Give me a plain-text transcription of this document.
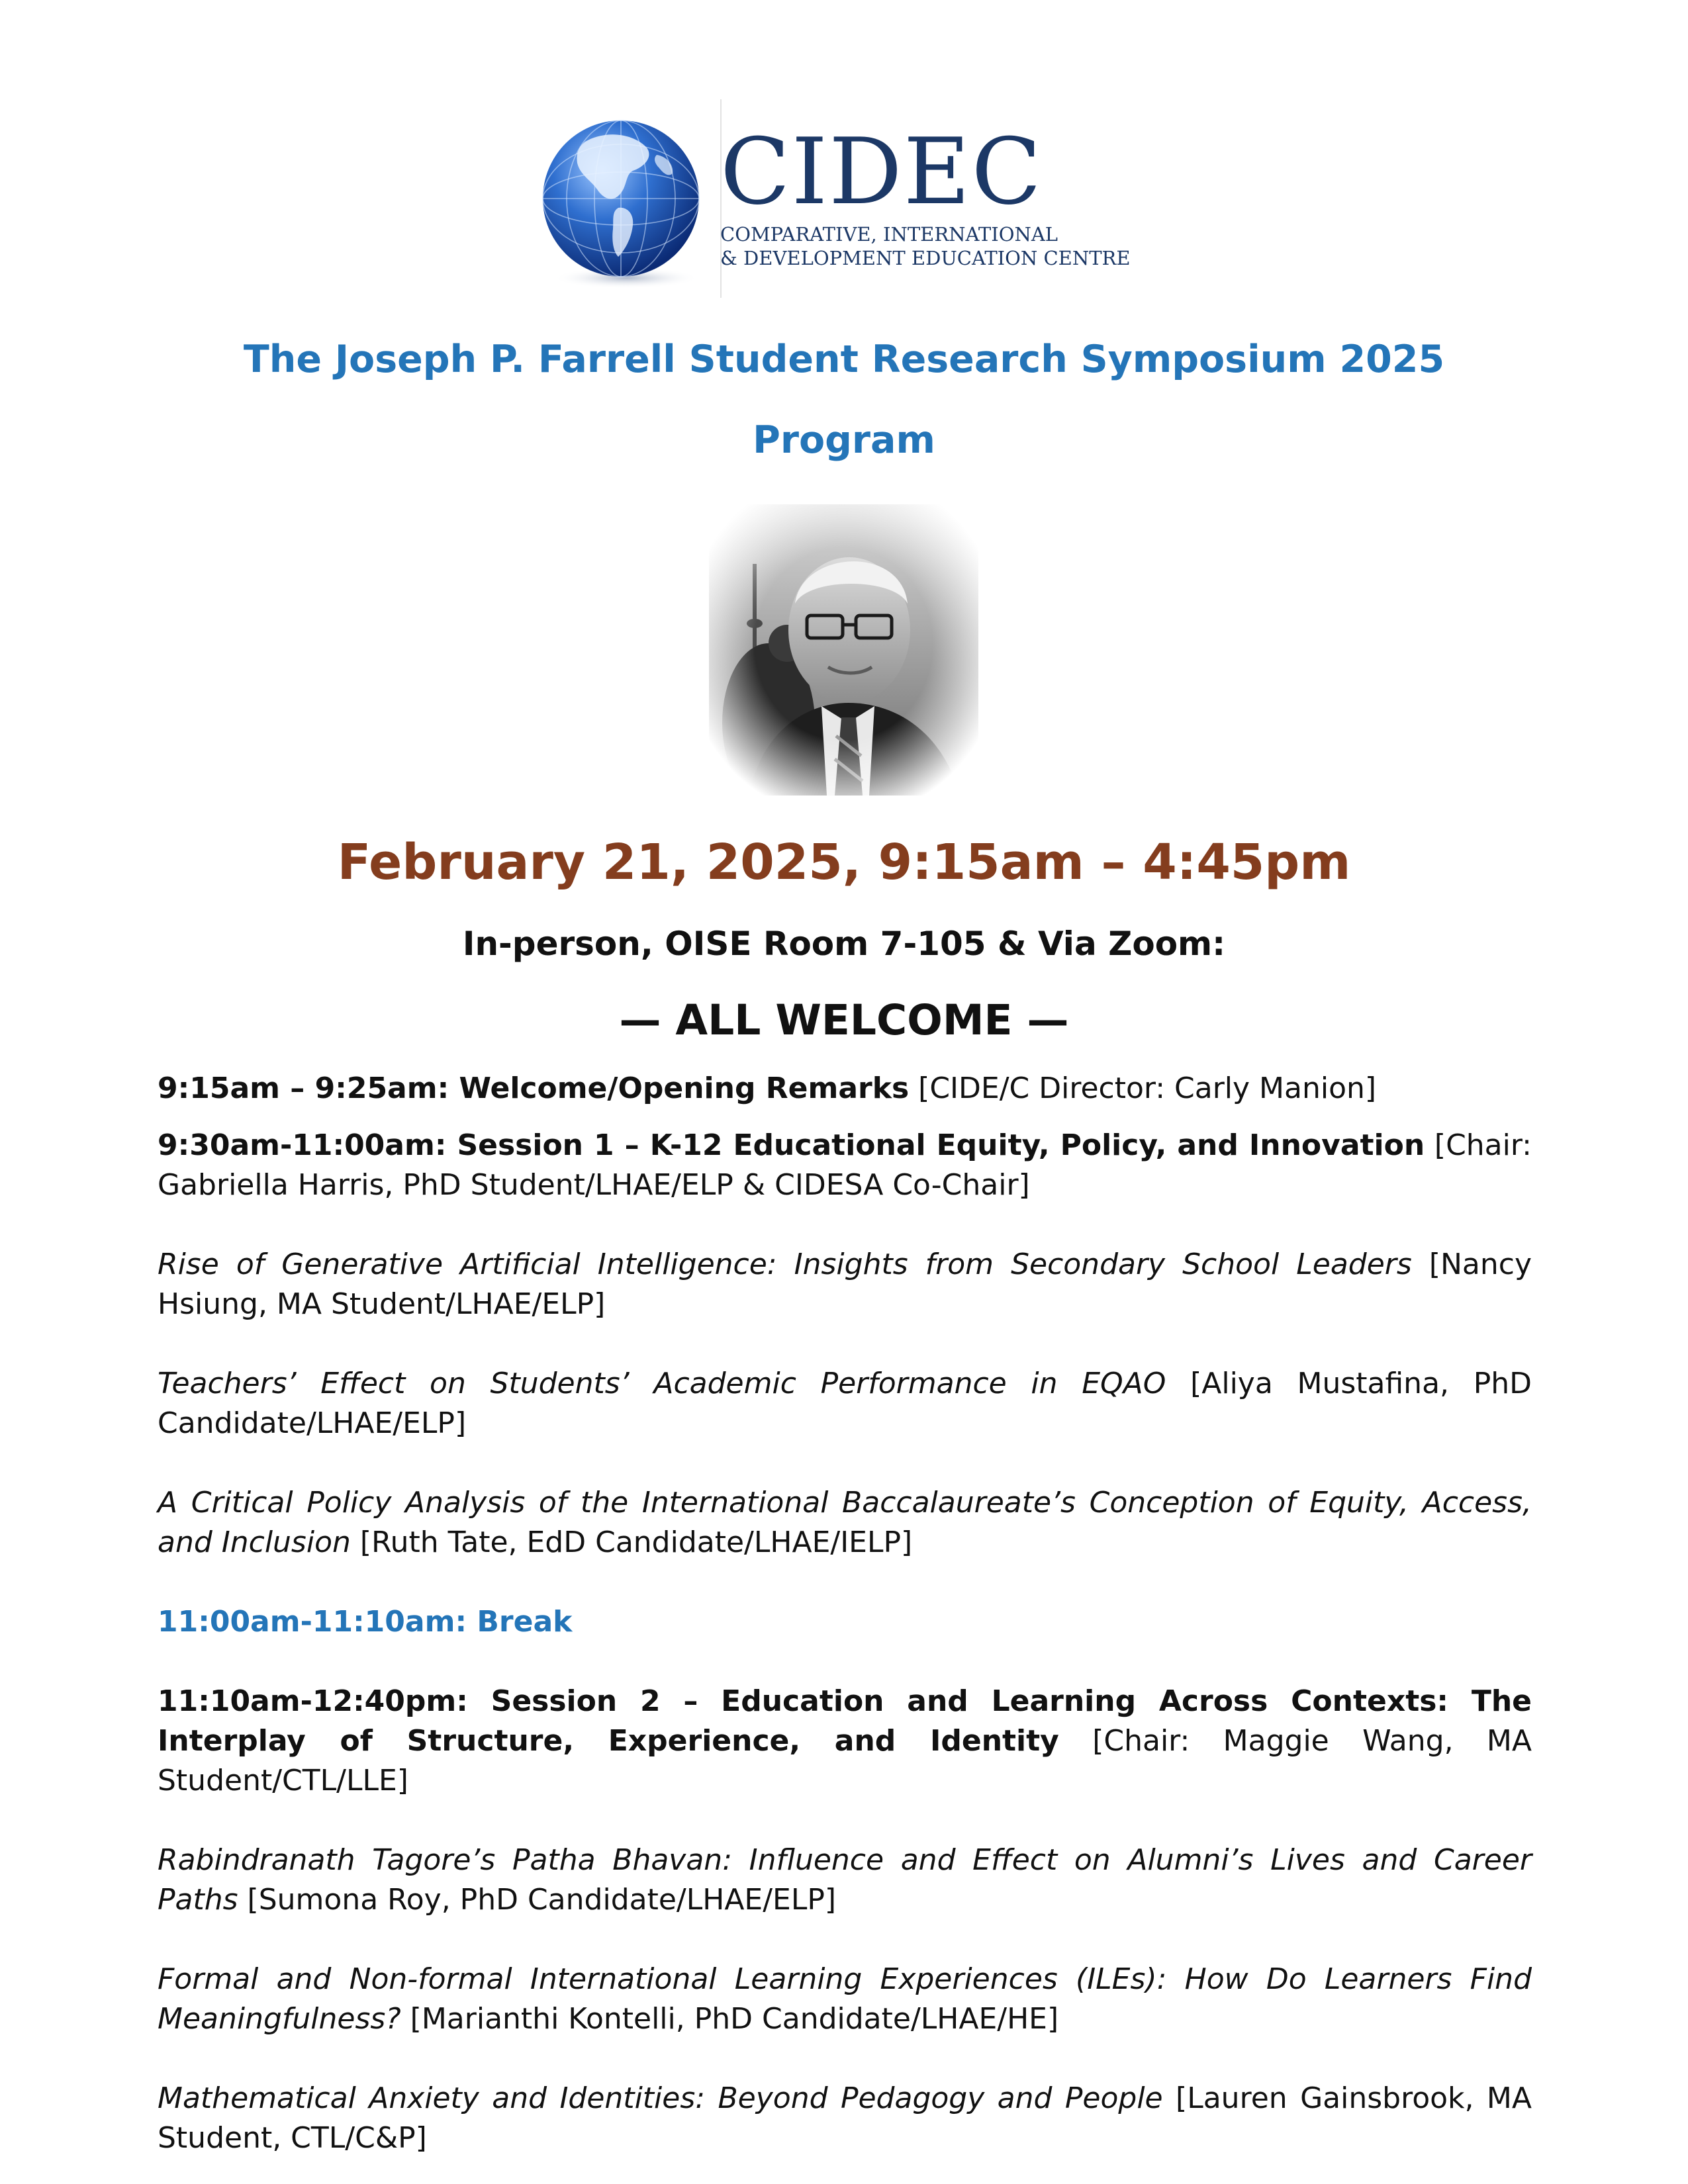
CIDEC
COMPARATIVE, INTERNATIONAL
& DEVELOPMENT EDUCATION CENTRE
The Joseph P. Farrell Student Research Symposium 2025
Program
February 21, 2025, 9:15am – 4:45pm
In-person, OISE Room 7-105 & Via Zoom:
— ALL WELCOME —

9:15am – 9:25am: Welcome/Opening Remarks [CIDE/C Director: Carly Manion]

9:30am-11:00am: Session 1 – K-12 Educational Equity, Policy, and Innovation [Chair: Gabriella Harris, PhD Student/LHAE/ELP & CIDESA Co-Chair]

Rise of Generative Artificial Intelligence: Insights from Secondary School Leaders [Nancy Hsiung, MA Student/LHAE/ELP]

Teachers’ Effect on Students’ Academic Performance in EQAO [Aliya Mustafina, PhD Candidate/LHAE/ELP]

A Critical Policy Analysis of the International Baccalaureate’s Conception of Equity, Access, and Inclusion [Ruth Tate, EdD Candidate/LHAE/IELP]

11:00am-11:10am: Break

11:10am-12:40pm: Session 2 – Education and Learning Across Contexts: The Interplay of Structure, Experience, and Identity [Chair: Maggie Wang, MA Student/CTL/LLE]

Rabindranath Tagore’s Patha Bhavan: Influence and Effect on Alumni’s Lives and Career Paths [Sumona Roy, PhD Candidate/LHAE/ELP]

Formal and Non-formal International Learning Experiences (ILEs): How Do Learners Find Meaningfulness? [Marianthi Kontelli, PhD Candidate/LHAE/HE]

Mathematical Anxiety and Identities: Beyond Pedagogy and People [Lauren Gainsbrook, MA Student, CTL/C&P]
